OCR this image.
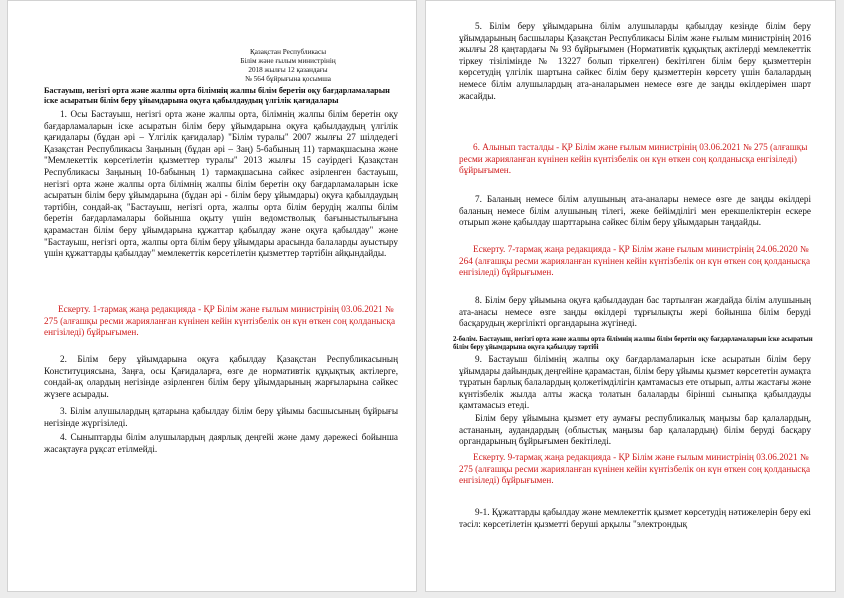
Қазақстан Республикасы
Білім және ғылым министрінің
2018 жылғы 12 қазандағы
№ 564 бұйрығына қосымша
Бастауыш, негізгі орта және жалпы орта білімнің жалпы білім беретін оқу бағдарламаларын іске асыратын білім беру ұйымдарына оқуға қабылдаудың үлгілік қағидалары

1. Осы Бастауыш, негізгі орта және жалпы орта, білімнің жалпы білім беретін оқу бағдарламаларын іске асыратын білім беру ұйымдарына оқуға қабылдаудың үлгілік қағидалары (бұдан әрі – Үлгілік қағидалар) "Білім туралы" 2007 жылғы 27 шілдедегі Қазақстан Республикасы Заңының (бұдан әрі – Заң) 5-бабының 11) тармақшасына және "Мемлекеттік көрсетілетін қызметтер туралы" 2013 жылғы 15 сәуірдегі Қазақстан Республикасы Заңының 10-бабының 1) тармақшасына сәйкес әзірленген бастауыш, негізгі орта және жалпы орта білімнің жалпы білім беретін оқу бағдарламаларын іске асыратын білім беру ұйымдарына (бұдан әрі - білім беру ұйымдары) оқуға қабылдаудың тәртібін, сондай-ақ "Бастауыш, негізгі орта, жалпы орта білім берудің жалпы білім беретін бағдарламалары бойынша оқыту үшін ведомстволық бағыныстылығына қарамастан білім беру ұйымдарына құжаттар қабылдау және оқуға қабылдау" және "Бастауыш, негізгі орта, жалпы орта білім беру ұйымдары арасында балаларды ауыстыру үшін құжаттарды қабылдау" мемлекеттік көрсетілетін қызметтер тәртібін айқындайды.

Ескерту. 1-тармақ жаңа редакцияда - ҚР Білім және ғылым министрінің 03.06.2021 № 275 (алғашқы ресми жарияланған күнінен кейін күнтізбелік он күн өткен соң қолданысқа енгізіледі) бұйрығымен.

2. Білім беру ұйымдарына оқуға қабылдау Қазақстан Республикасының Конституциясына, Заңға, осы Қағидаларға, өзге де нормативтік құқықтық актілерге, сондай-ақ олардың негізінде әзірленген білім беру ұйымдарының жарғыларына сәйкес жүзеге асырады.

3. Білім алушылардың қатарына қабылдау білім беру ұйымы басшысының бұйрығы негізінде жүргізіледі.

4. Сыныптарды білім алушылардың даярлық деңгейі және даму дәрежесі бойынша жасақтауға рұқсат етілмейді.

5. Білім беру ұйымдарына білім алушыларды қабылдау кезінде білім беру ұйымдарының басшылары Қазақстан Республикасы Білім және ғылым министрінің 2016 жылғы 28 қаңтардағы № 93 бұйрығымен (Нормативтік құқықтық актілерді мемлекеттік тіркеу тізілімінде № 13227 болып тіркелген) бекітілген білім беру қызметтерін көрсетудің үлгілік шартына сәйкес білім беру қызметтерін көрсету үшін балалардың немесе білім алушылардың ата-аналарымен немесе өзге де заңды өкілдерімен шарт жасайды.

6. Алынып тасталды - ҚР Білім және ғылым министрінің 03.06.2021 № 275 (алғашқы ресми жарияланған күнінен кейін күнтізбелік он күн өткен соң қолданысқа енгізіледі) бұйрығымен.

7. Баланың немесе білім алушының ата-аналары немесе өзге де заңды өкілдері баланың немесе білім алушының тілегі, жеке бейімділігі мен ерекшеліктерін ескере отырып және қабылдау шарттарына сәйкес білім беру ұйымдарын таңдайды.

Ескерту. 7-тармақ жаңа редакцияда - ҚР Білім және ғылым министрінің 24.06.2020 № 264 (алғашқы ресми жарияланған күнінен кейін күнтізбелік он күн өткен соң қолданысқа енгізіледі) бұйрығымен.

8. Білім беру ұйымына оқуға қабылдаудан бас тартылған жағдайда білім алушының ата-анасы немесе өзге заңды өкілдері тұрғылықты жері бойынша білім беруді басқарудың жергілікті органдарына жүгінеді.

2-бөлім. Бастауыш, негізгі орта және жалпы орта білімнің жалпы білім беретін оқу бағдарламаларын іске асыратын білім беру ұйымдарына оқуға қабылдау тәртібі

9. Бастауыш білімнің жалпы оқу бағдарламаларын іске асыратын білім беру ұйымдары дайындық деңгейіне қарамастан, білім беру ұйымы қызмет көрсететін аумақта тұратын барлық балалардың қолжетімділігін қамтамасыз ете отырып, алты жастағы және күнтізбелік жылда алты жасқа толатын балаларды бірінші сыныпқа қабылдауды қамтамасыз етеді.

Білім беру ұйымына қызмет ету аумағы республикалық маңызы бар қалалардың, астананың, аудандардың (облыстық маңызы бар қалалардың) білім беруді басқару органдарының бұйрығымен бекітіледі.

Ескерту. 9-тармақ жаңа редакцияда - ҚР Білім және ғылым министрінің 03.06.2021 № 275 (алғашқы ресми жарияланған күнінен кейін күнтізбелік он күн өткен соң қолданысқа енгізіледі) бұйрығымен.

9-1. Құжаттарды қабылдау және мемлекеттік қызмет көрсетудің нәтижелерін беру екі тәсіл: көрсетілетін қызметті беруші арқылы "электрондық
